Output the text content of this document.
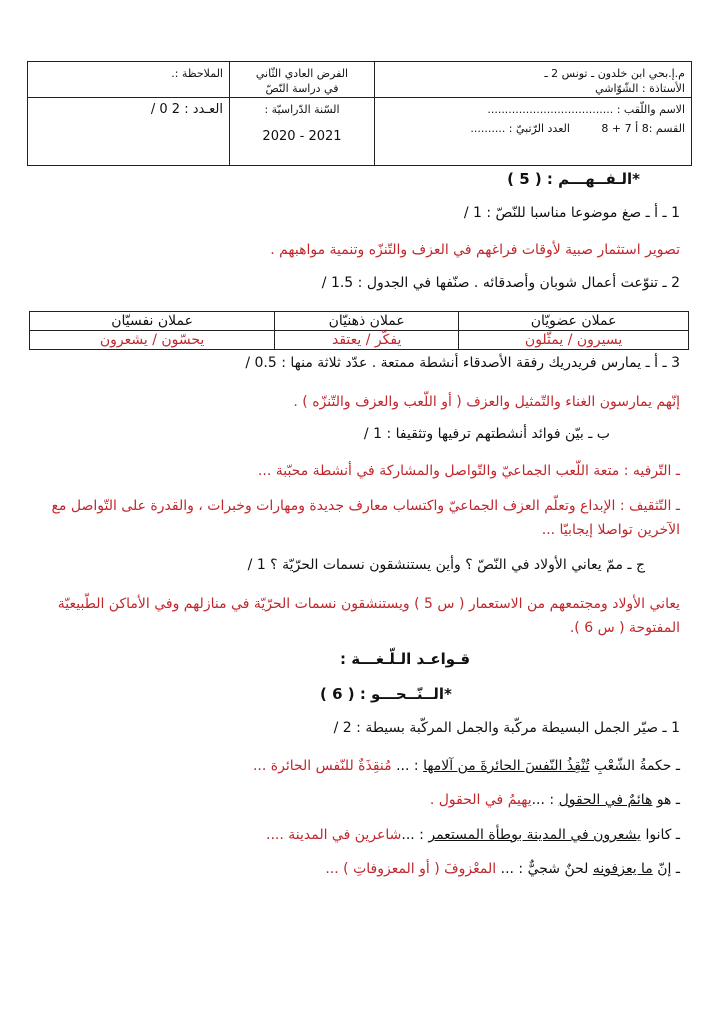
م.إ.بحي ابن خلدون ـ تونس 2 ـ
الأستاذة : الشّوّاشي
الفرض العادي الثّاني
في دراسة النّصّ
الملاحظة :.
الاسم واللّقب : ....................................
القسم :8 أ 7 + 8         العدد الرّتبيّ : ..........
السّنة الدّراسيّة :
2021 - 2020
العـدد : 2 0 /
*الـفــهـــم : ( 5 )
1 ـ أ ـ صغ موضوعا مناسبا للنّصّ : 1 /
تصوير استثمار صبية لأوقات فراغهم في العزف والتّنزّه وتنمية مواهبهم .
2 ـ تنوّعت أعمال شوبان وأصدقائه . صنّفها في الجدول : 1.5 /
عملان عضويّان	عملان ذهنيّان	عملان نفسيّان
يسيرون / يمثّلون	يفكّر / يعتقد	يحسّون / يشعرون
3 ـ أ ـ يمارس فريدريك رفقة الأصدقاء أنشطة ممتعة . عدّد ثلاثة منها : 0.5 /
إنّهم يمارسون الغناء والتّمثيل والعزف ( أو اللّعب والعزف والتّنزّه ) .
ب ـ بيّن فوائد أنشطتهم ترفيها وتثقيفا : 1 /
ـ التّرفيه : متعة اللّعب الجماعيّ والتّواصل والمشاركة في أنشطة محبّبة ...
ـ التّثقيف : الإبداع وتعلّم العزف الجماعيّ واكتساب معارف جديدة ومهارات وخبرات ، والقدرة على التّواصل مع الآخرين تواصلا إيجابيّا ...
ج ـ ممّ يعاني الأولاد في النّصّ ؟ وأين يستنشقون نسمات الحرّيّة ؟ 1 /
يعاني الأولاد ومجتمعهم من الاستعمار ( س 5 ) ويستنشقون نسمات الحرّيّة في منازلهم وفي الأماكن الطّبيعيّة المفتوحة ( س 6 ).
قـواعـد الـلّـغـــة :
*الــنّــحـــو : ( 6 )
1 ـ صيّر الجمل البسيطة مركّبة والجمل المركّبة بسيطة : 2 /
ـ حكمةُ الشّعْبِ تُنْقِذُ النّفسَ الحائرةَ من آلامها : ... مُنقِذَةٌ للنّفس الحائرة ...
ـ هو هائمٌ في الحقول : ...يهيمُ في الحقول .
ـ كانوا يشعرون في المدينة بوطأة المستعمر : ...شاعرين في المدينة ....
ـ إنّ ما يعزفونه لحنٌ شجيٌّ : ... المعْزوفَ ( أو المعزوفاتِ ) ...
